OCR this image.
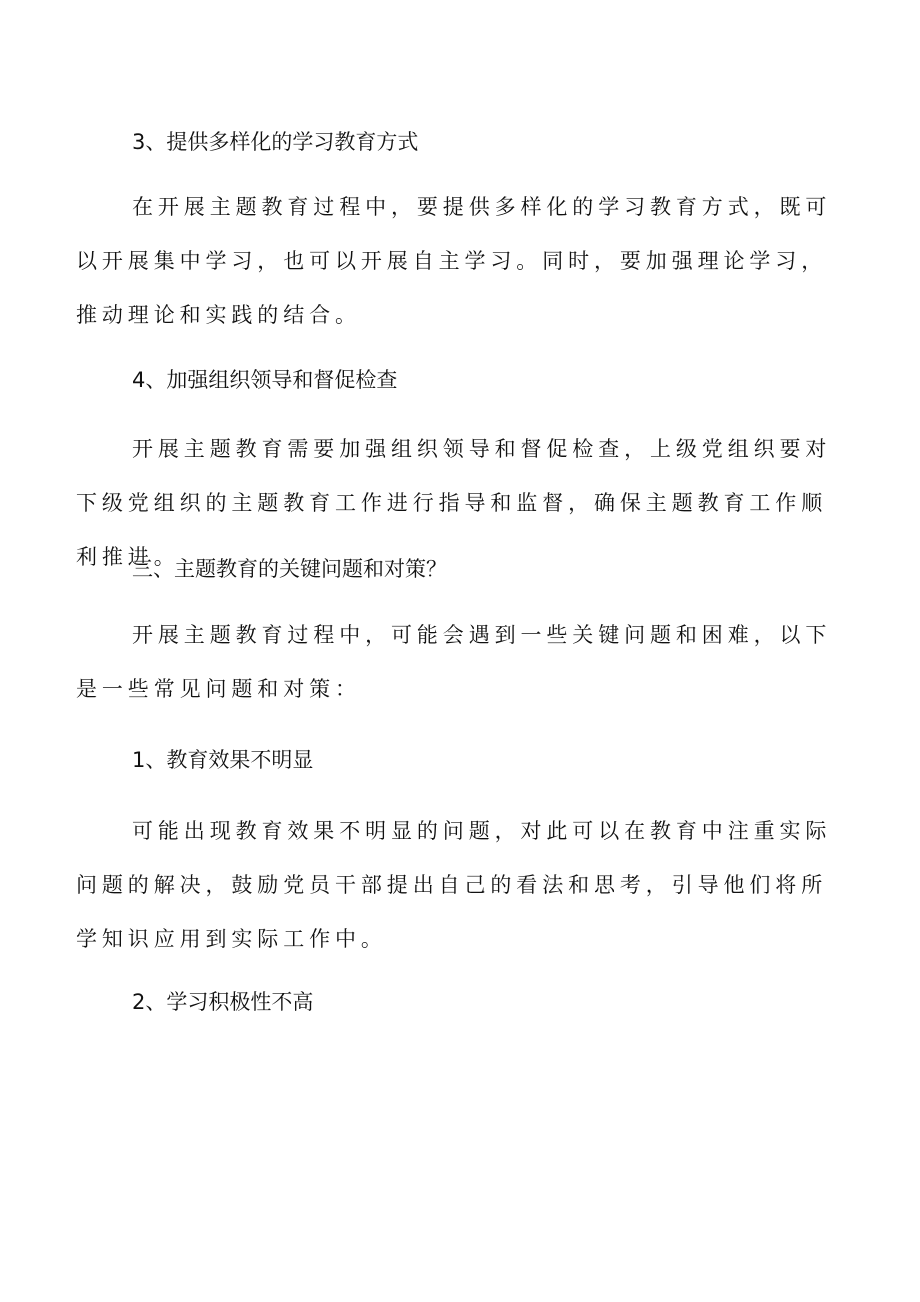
3、提供多样化的学习教育方式

在开展主题教育过程中，要提供多样化的学习教育方式，既可以开展集中学习，也可以开展自主学习。同时，要加强理论学习，推动理论和实践的结合。

4、加强组织领导和督促检查

开展主题教育需要加强组织领导和督促检查，上级党组织要对下级党组织的主题教育工作进行指导和监督，确保主题教育工作顺利推进。

三、主题教育的关键问题和对策？

开展主题教育过程中，可能会遇到一些关键问题和困难，以下是一些常见问题和对策：

1、教育效果不明显

可能出现教育效果不明显的问题，对此可以在教育中注重实际问题的解决，鼓励党员干部提出自己的看法和思考，引导他们将所学知识应用到实际工作中。

2、学习积极性不高
